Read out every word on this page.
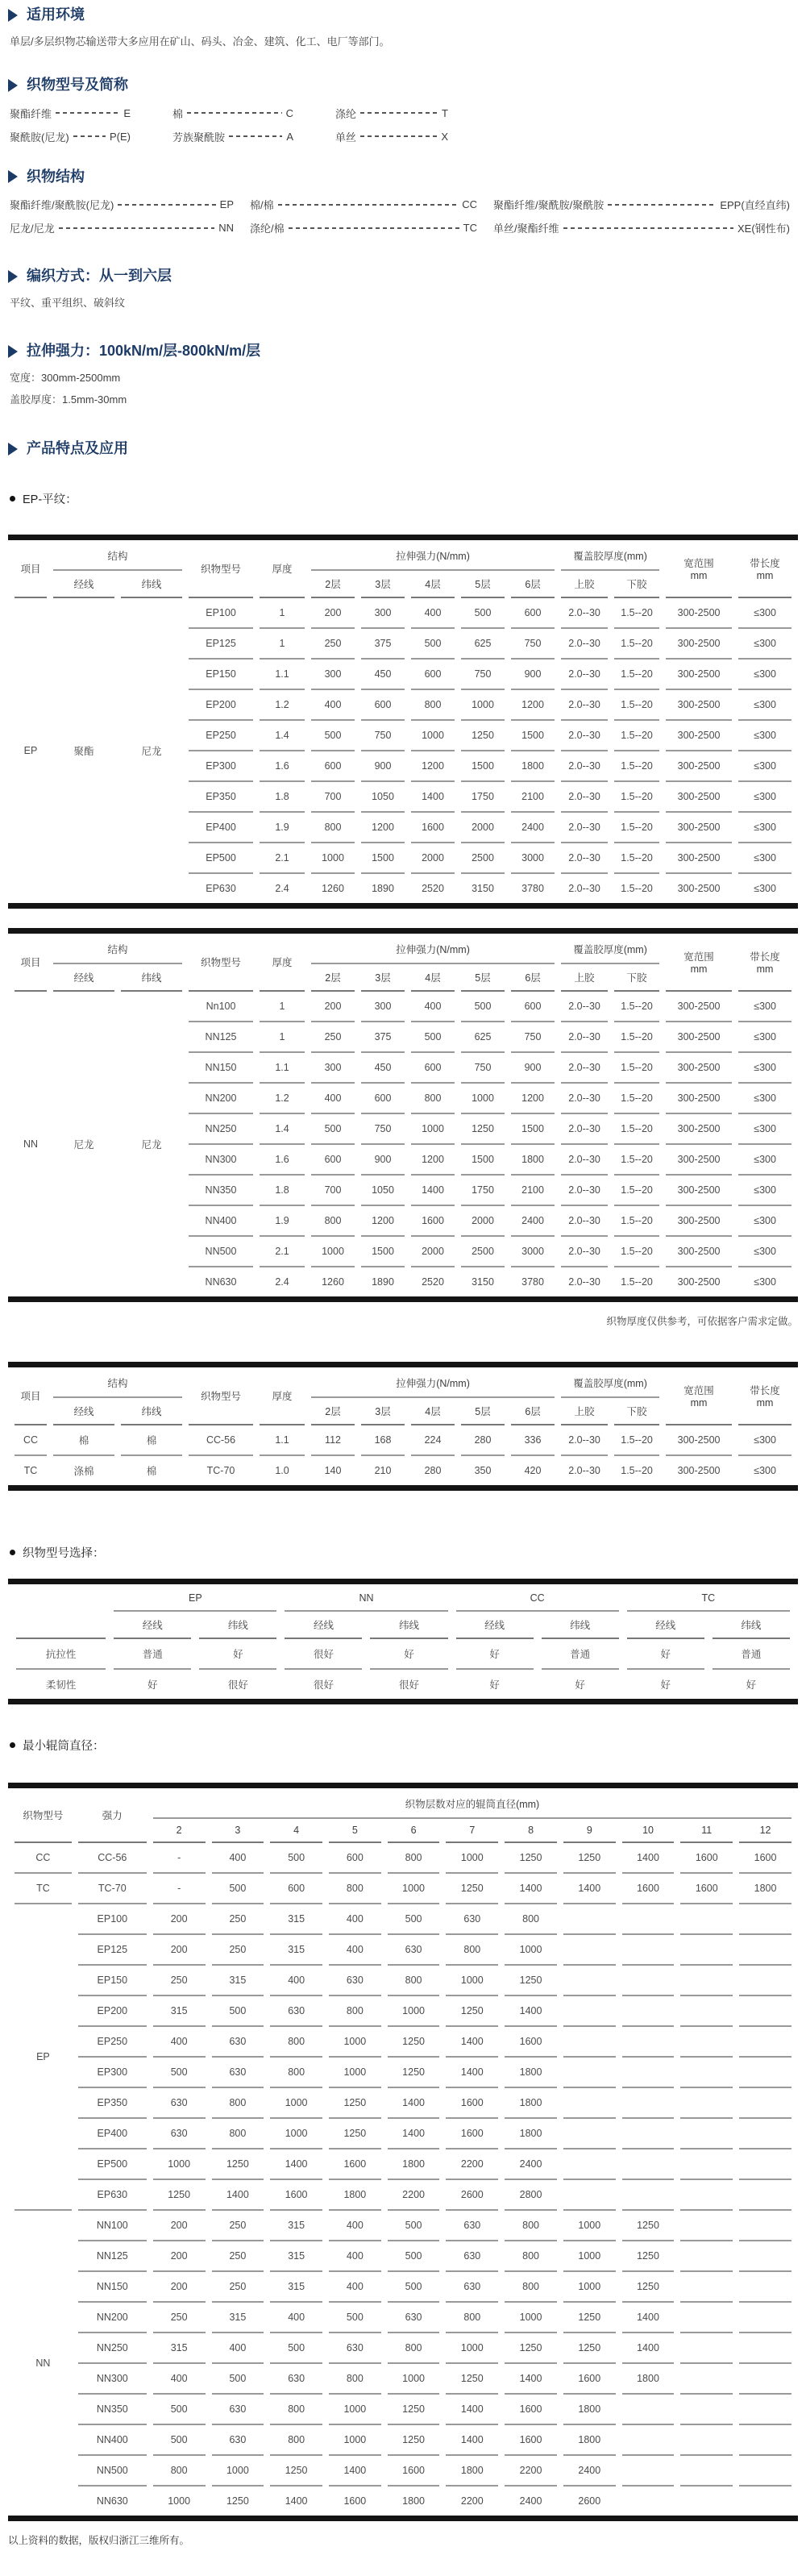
适用环境

单层/多层织物芯输送带大多应用在矿山、码头、冶金、建筑、化工、电厂等部门。

织物型号及简称
聚酯纤维	E	棉	C	涤纶	T
聚酰胺(尼龙)	P(E)	芳族聚酰胺	A	单丝	X
织物结构
聚酯纤维/聚酰胺(尼龙)	EP 棉/棉	CC 聚酯纤维/聚酰胺/聚酰胺	EPP(直经直纬)
尼龙/尼龙	NN 涤纶/棉	TC 单丝/聚酯纤维	XE(钢性布)
编织方式：从一到六层

平纹、重平组织、破斜纹

拉伸强力：100kN/m/层-800kN/m/层

宽度：300mm-2500mm

盖胶厚度：1.5mm-30mm

产品特点及应用
EP-平纹：
项目	结构	织物型号	厚度	拉伸强力(N/mm)	覆盖胶厚度(mm)	
宽范围
mm

带长度
mm

	经线	纬线			2层	3层	4层	5层	6层	上胶	下胶		
EP	聚酯	尼龙	EP100	1	200	300	400	500	600	2.0--30	1.5--20	300-2500	≤300
			EP125	1	250	375	500	625	750	2.0--30	1.5--20	300-2500	≤300
			EP150	1.1	300	450	600	750	900	2.0--30	1.5--20	300-2500	≤300
			EP200	1.2	400	600	800	1000	1200	2.0--30	1.5--20	300-2500	≤300
			EP250	1.4	500	750	1000	1250	1500	2.0--30	1.5--20	300-2500	≤300
			EP300	1.6	600	900	1200	1500	1800	2.0--30	1.5--20	300-2500	≤300
			EP350	1.8	700	1050	1400	1750	2100	2.0--30	1.5--20	300-2500	≤300
			EP400	1.9	800	1200	1600	2000	2400	2.0--30	1.5--20	300-2500	≤300
			EP500	2.1	1000	1500	2000	2500	3000	2.0--30	1.5--20	300-2500	≤300
			EP630	2.4	1260	1890	2520	3150	3780	2.0--30	1.5--20	300-2500	≤300
项目	结构	织物型号	厚度	拉伸强力(N/mm)	覆盖胶厚度(mm)	
宽范围
mm

带长度
mm

	经线	纬线			2层	3层	4层	5层	6层	上胶	下胶		
NN	尼龙	尼龙	Nn100	1	200	300	400	500	600	2.0--30	1.5--20	300-2500	≤300
			NN125	1	250	375	500	625	750	2.0--30	1.5--20	300-2500	≤300
			NN150	1.1	300	450	600	750	900	2.0--30	1.5--20	300-2500	≤300
			NN200	1.2	400	600	800	1000	1200	2.0--30	1.5--20	300-2500	≤300
			NN250	1.4	500	750	1000	1250	1500	2.0--30	1.5--20	300-2500	≤300
			NN300	1.6	600	900	1200	1500	1800	2.0--30	1.5--20	300-2500	≤300
			NN350	1.8	700	1050	1400	1750	2100	2.0--30	1.5--20	300-2500	≤300
			NN400	1.9	800	1200	1600	2000	2400	2.0--30	1.5--20	300-2500	≤300
			NN500	2.1	1000	1500	2000	2500	3000	2.0--30	1.5--20	300-2500	≤300
			NN630	2.4	1260	1890	2520	3150	3780	2.0--30	1.5--20	300-2500	≤300

织物厚度仅供参考，可依据客户需求定做。

项目	结构	织物型号	厚度	拉伸强力(N/mm)	覆盖胶厚度(mm)	
宽范围
mm

带长度
mm

	经线	纬线			2层	3层	4层	5层	6层	上胶	下胶		
CC	棉	棉	CC-56	1.1	112	168	224	280	336	2.0--30	1.5--20	300-2500	≤300
TC	涤棉	棉	TC-70	1.0	140	210	280	350	420	2.0--30	1.5--20	300-2500	≤300
织物型号选择：
	EP		NN		CC		TC	
	经线	纬线	经线	纬线	经线	纬线	经线	纬线
抗拉性	普通	好	很好	好	好	普通	好	普通
柔韧性	好	很好	很好	很好	好	好	好	好
最小辊筒直径：
织物型号	强力	织物层数对应的辊筒直径(mm)										
		2	3	4	5	6	7	8	9	10	11	12
CC	CC-56	-	400	500	600	800	1000	1250	1250	1400	1600	1600
TC	TC-70	-	500	600	800	1000	1250	1400	1400	1600	1600	1800
EP	EP100	200	250	315	400	500	630	800				
	EP125	200	250	315	400	630	800	1000				
	EP150	250	315	400	630	800	1000	1250				
	EP200	315	500	630	800	1000	1250	1400				
	EP250	400	630	800	1000	1250	1400	1600				
	EP300	500	630	800	1000	1250	1400	1800				
	EP350	630	800	1000	1250	1400	1600	1800				
	EP400	630	800	1000	1250	1400	1600	1800				
	EP500	1000	1250	1400	1600	1800	2200	2400				
	EP630	1250	1400	1600	1800	2200	2600	2800				
NN	NN100	200	250	315	400	500	630	800	1000	1250		
	NN125	200	250	315	400	500	630	800	1000	1250		
	NN150	200	250	315	400	500	630	800	1000	1250		
	NN200	250	315	400	500	630	800	1000	1250	1400		
	NN250	315	400	500	630	800	1000	1250	1250	1400		
	NN300	400	500	630	800	1000	1250	1400	1600	1800		
	NN350	500	630	800	1000	1250	1400	1600	1800			
	NN400	500	630	800	1000	1250	1400	1600	1800			
	NN500	800	1000	1250	1400	1600	1800	2200	2400			
	NN630	1000	1250	1400	1600	1800	2200	2400	2600			

以上资料的数据，版权归浙江三维所有。
